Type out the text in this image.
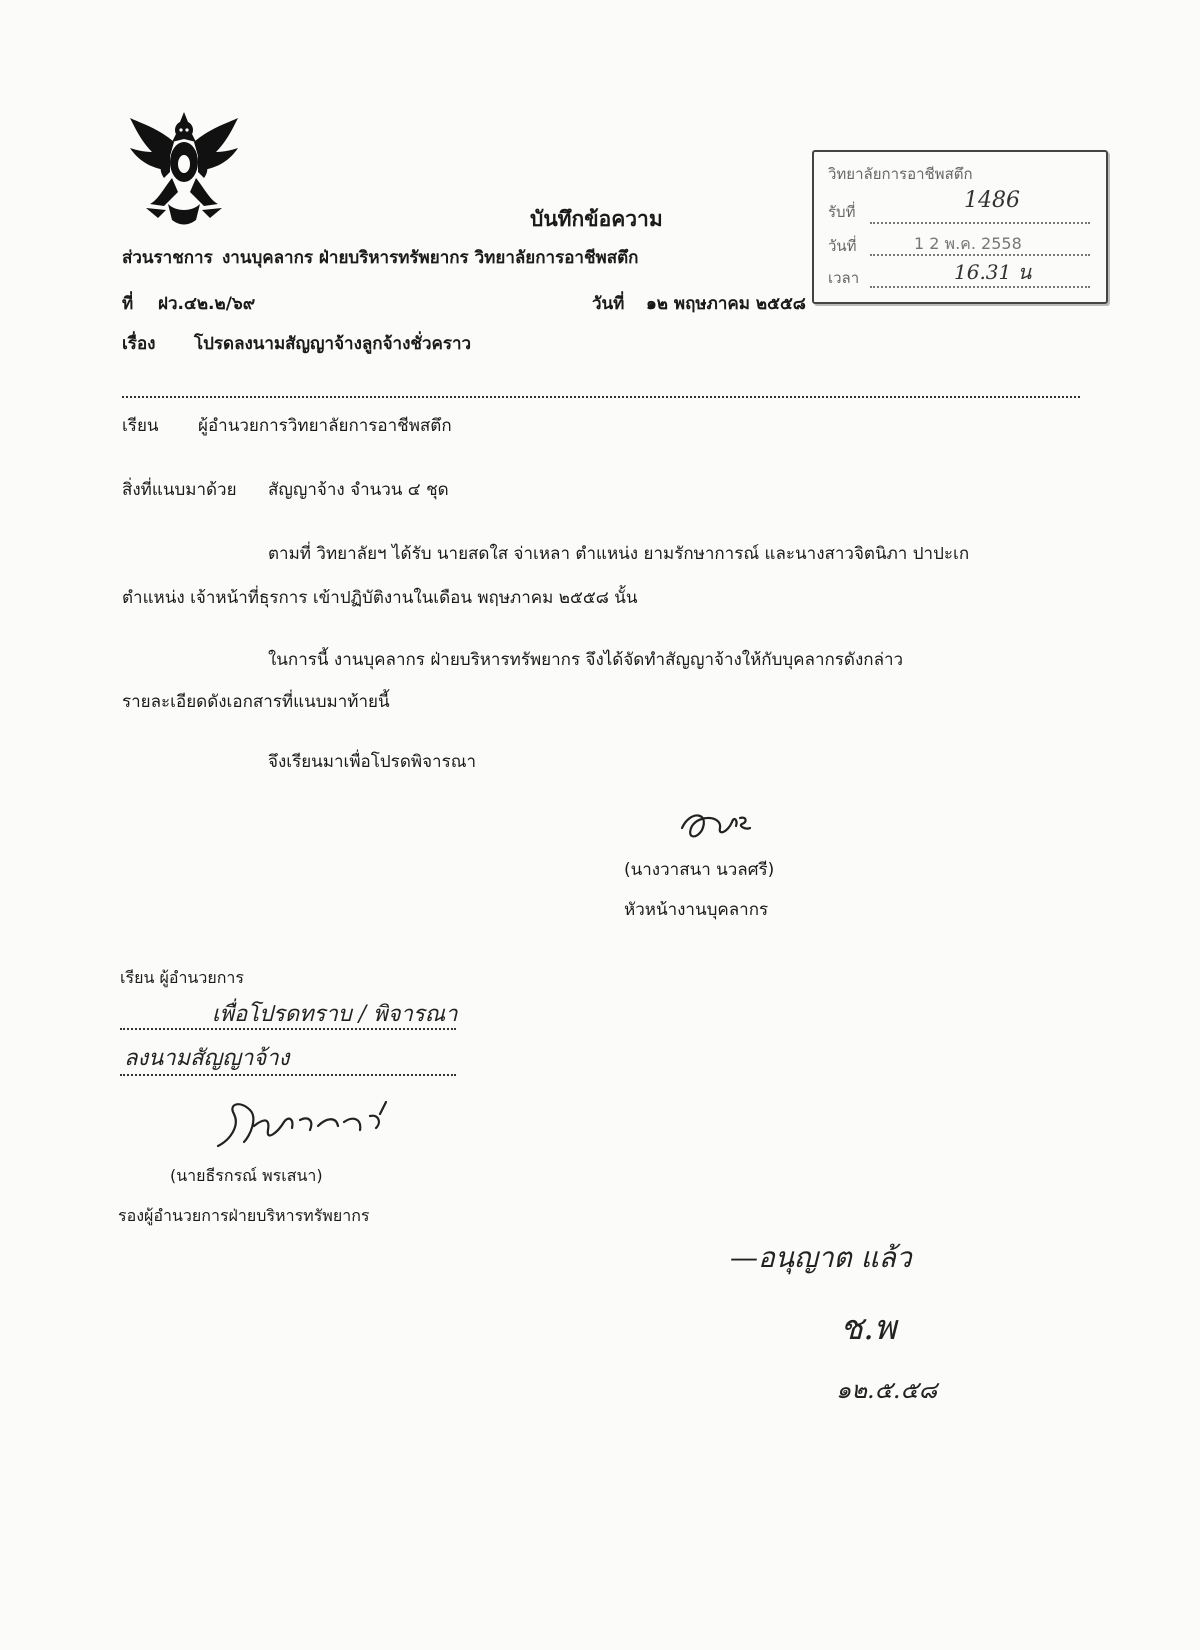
บันทึกข้อความ
วิทยาลัยการอาชีพสตึก
รับที่	1486
วันที่	1 2 พ.ค. 2558
เวลา	16.31 น
ส่วนราชการ งานบุคลากร ฝ่ายบริหารทรัพยากร วิทยาลัยการอาชีพสตึก
ที่ ฝว.๔๒.๒/๖๙	วันที่ ๑๒ พฤษภาคม ๒๕๕๘
เรื่อง โปรดลงนามสัญญาจ้างลูกจ้างชั่วคราว
เรียน ผู้อำนวยการวิทยาลัยการอาชีพสตึก
สิ่งที่แนบมาด้วย สัญญาจ้าง จำนวน ๔ ชุด
ตามที่ วิทยาลัยฯ ได้รับ นายสดใส จ่าเหลา ตำแหน่ง ยามรักษาการณ์ และนางสาวจิตนิภา ปาปะเก
ตำแหน่ง เจ้าหน้าที่ธุรการ เข้าปฏิบัติงานในเดือน พฤษภาคม ๒๕๕๘ นั้น
ในการนี้ งานบุคลากร ฝ่ายบริหารทรัพยากร จึงได้จัดทำสัญญาจ้างให้กับบุคลากรดังกล่าว
รายละเอียดดังเอกสารที่แนบมาท้ายนี้
จึงเรียนมาเพื่อโปรดพิจารณา
(นางวาสนา นวลศรี)
หัวหน้างานบุคลากร
เรียน ผู้อำนวยการ
เพื่อโปรดทราบ / พิจารณา
ลงนามสัญญาจ้าง
(นายธีรกรณ์ พรเสนา)
รองผู้อำนวยการฝ่ายบริหารทรัพยากร
—อนุญาต แล้ว
ช.พ
๑๒.๕.๕๘
